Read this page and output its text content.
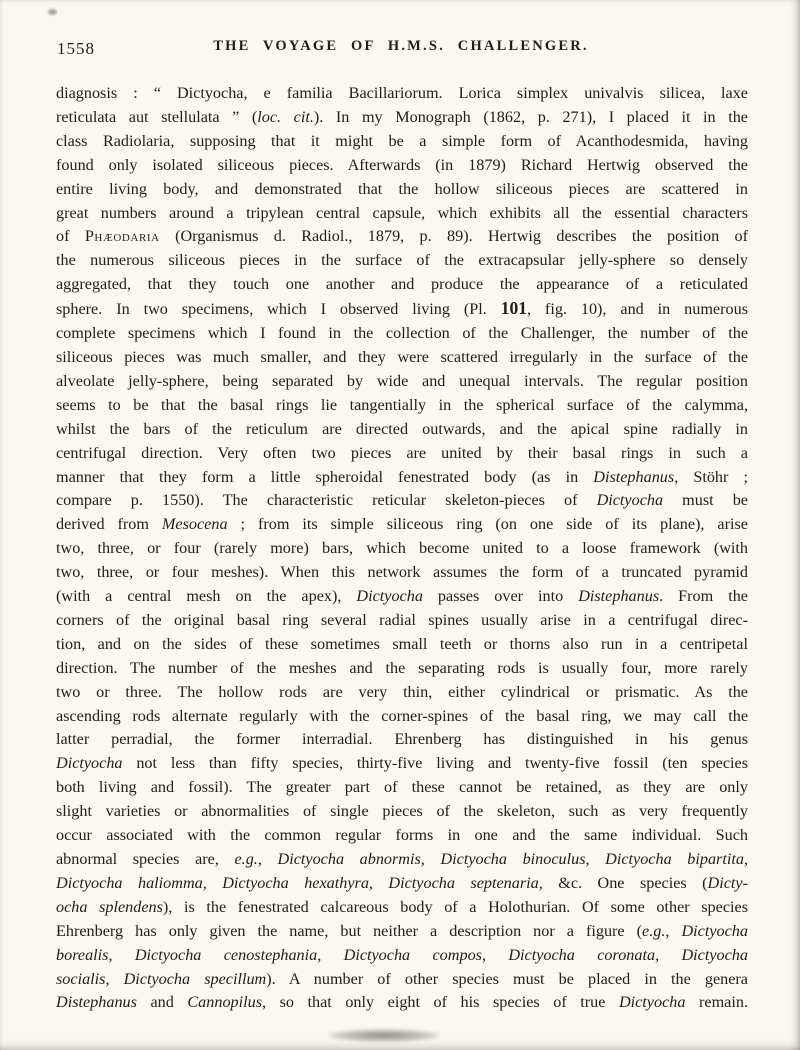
1558	THE VOYAGE OF H.M.S. CHALLENGER.
diagnosis : “ Dictyocha, e familia Bacillariorum. Lorica simplex univalvis silicea, laxe
reticulata aut stellulata ” (loc. cit.). In my Monograph (1862, p. 271), I placed it in the
class Radiolaria, supposing that it might be a simple form of Acanthodesmida, having
found only isolated siliceous pieces. Afterwards (in 1879) Richard Hertwig observed the
entire living body, and demonstrated that the hollow siliceous pieces are scattered in
great numbers around a tripylean central capsule, which exhibits all the essential characters
of Phæodaria (Organismus d. Radiol., 1879, p. 89). Hertwig describes the position of
the numerous siliceous pieces in the surface of the extracapsular jelly-sphere so densely
aggregated, that they touch one another and produce the appearance of a reticulated
sphere. In two specimens, which I observed living (Pl. 101, fig. 10), and in numerous
complete specimens which I found in the collection of the Challenger, the number of the
siliceous pieces was much smaller, and they were scattered irregularly in the surface of the
alveolate jelly-sphere, being separated by wide and unequal intervals. The regular position
seems to be that the basal rings lie tangentially in the spherical surface of the calymma,
whilst the bars of the reticulum are directed outwards, and the apical spine radially in
centrifugal direction. Very often two pieces are united by their basal rings in such a
manner that they form a little spheroidal fenestrated body (as in Distephanus, Stöhr ;
compare p. 1550). The characteristic reticular skeleton-pieces of Dictyocha must be
derived from Mesocena ; from its simple siliceous ring (on one side of its plane), arise
two, three, or four (rarely more) bars, which become united to a loose framework (with
two, three, or four meshes). When this network assumes the form of a truncated pyramid
(with a central mesh on the apex), Dictyocha passes over into Distephanus. From the
corners of the original basal ring several radial spines usually arise in a centrifugal direc-
tion, and on the sides of these sometimes small teeth or thorns also run in a centripetal
direction. The number of the meshes and the separating rods is usually four, more rarely
two or three. The hollow rods are very thin, either cylindrical or prismatic. As the
ascending rods alternate regularly with the corner-spines of the basal ring, we may call the
latter perradial, the former interradial. Ehrenberg has distinguished in his genus
Dictyocha not less than fifty species, thirty-five living and twenty-five fossil (ten species
both living and fossil). The greater part of these cannot be retained, as they are only
slight varieties or abnormalities of single pieces of the skeleton, such as very frequently
occur associated with the common regular forms in one and the same individual. Such
abnormal species are, e.g., Dictyocha abnormis, Dictyocha binoculus, Dictyocha bipartita,
Dictyocha haliomma, Dictyocha hexathyra, Dictyocha septenaria, &c. One species (Dicty-
ocha splendens), is the fenestrated calcareous body of a Holothurian. Of some other species
Ehrenberg has only given the name, but neither a description nor a figure (e.g., Dictyocha
borealis, Dictyocha cenostephania, Dictyocha compos, Dictyocha coronata, Dictyocha
socialis, Dictyocha specillum). A number of other species must be placed in the genera
Distephanus and Cannopilus, so that only eight of his species of true Dictyocha remain.
